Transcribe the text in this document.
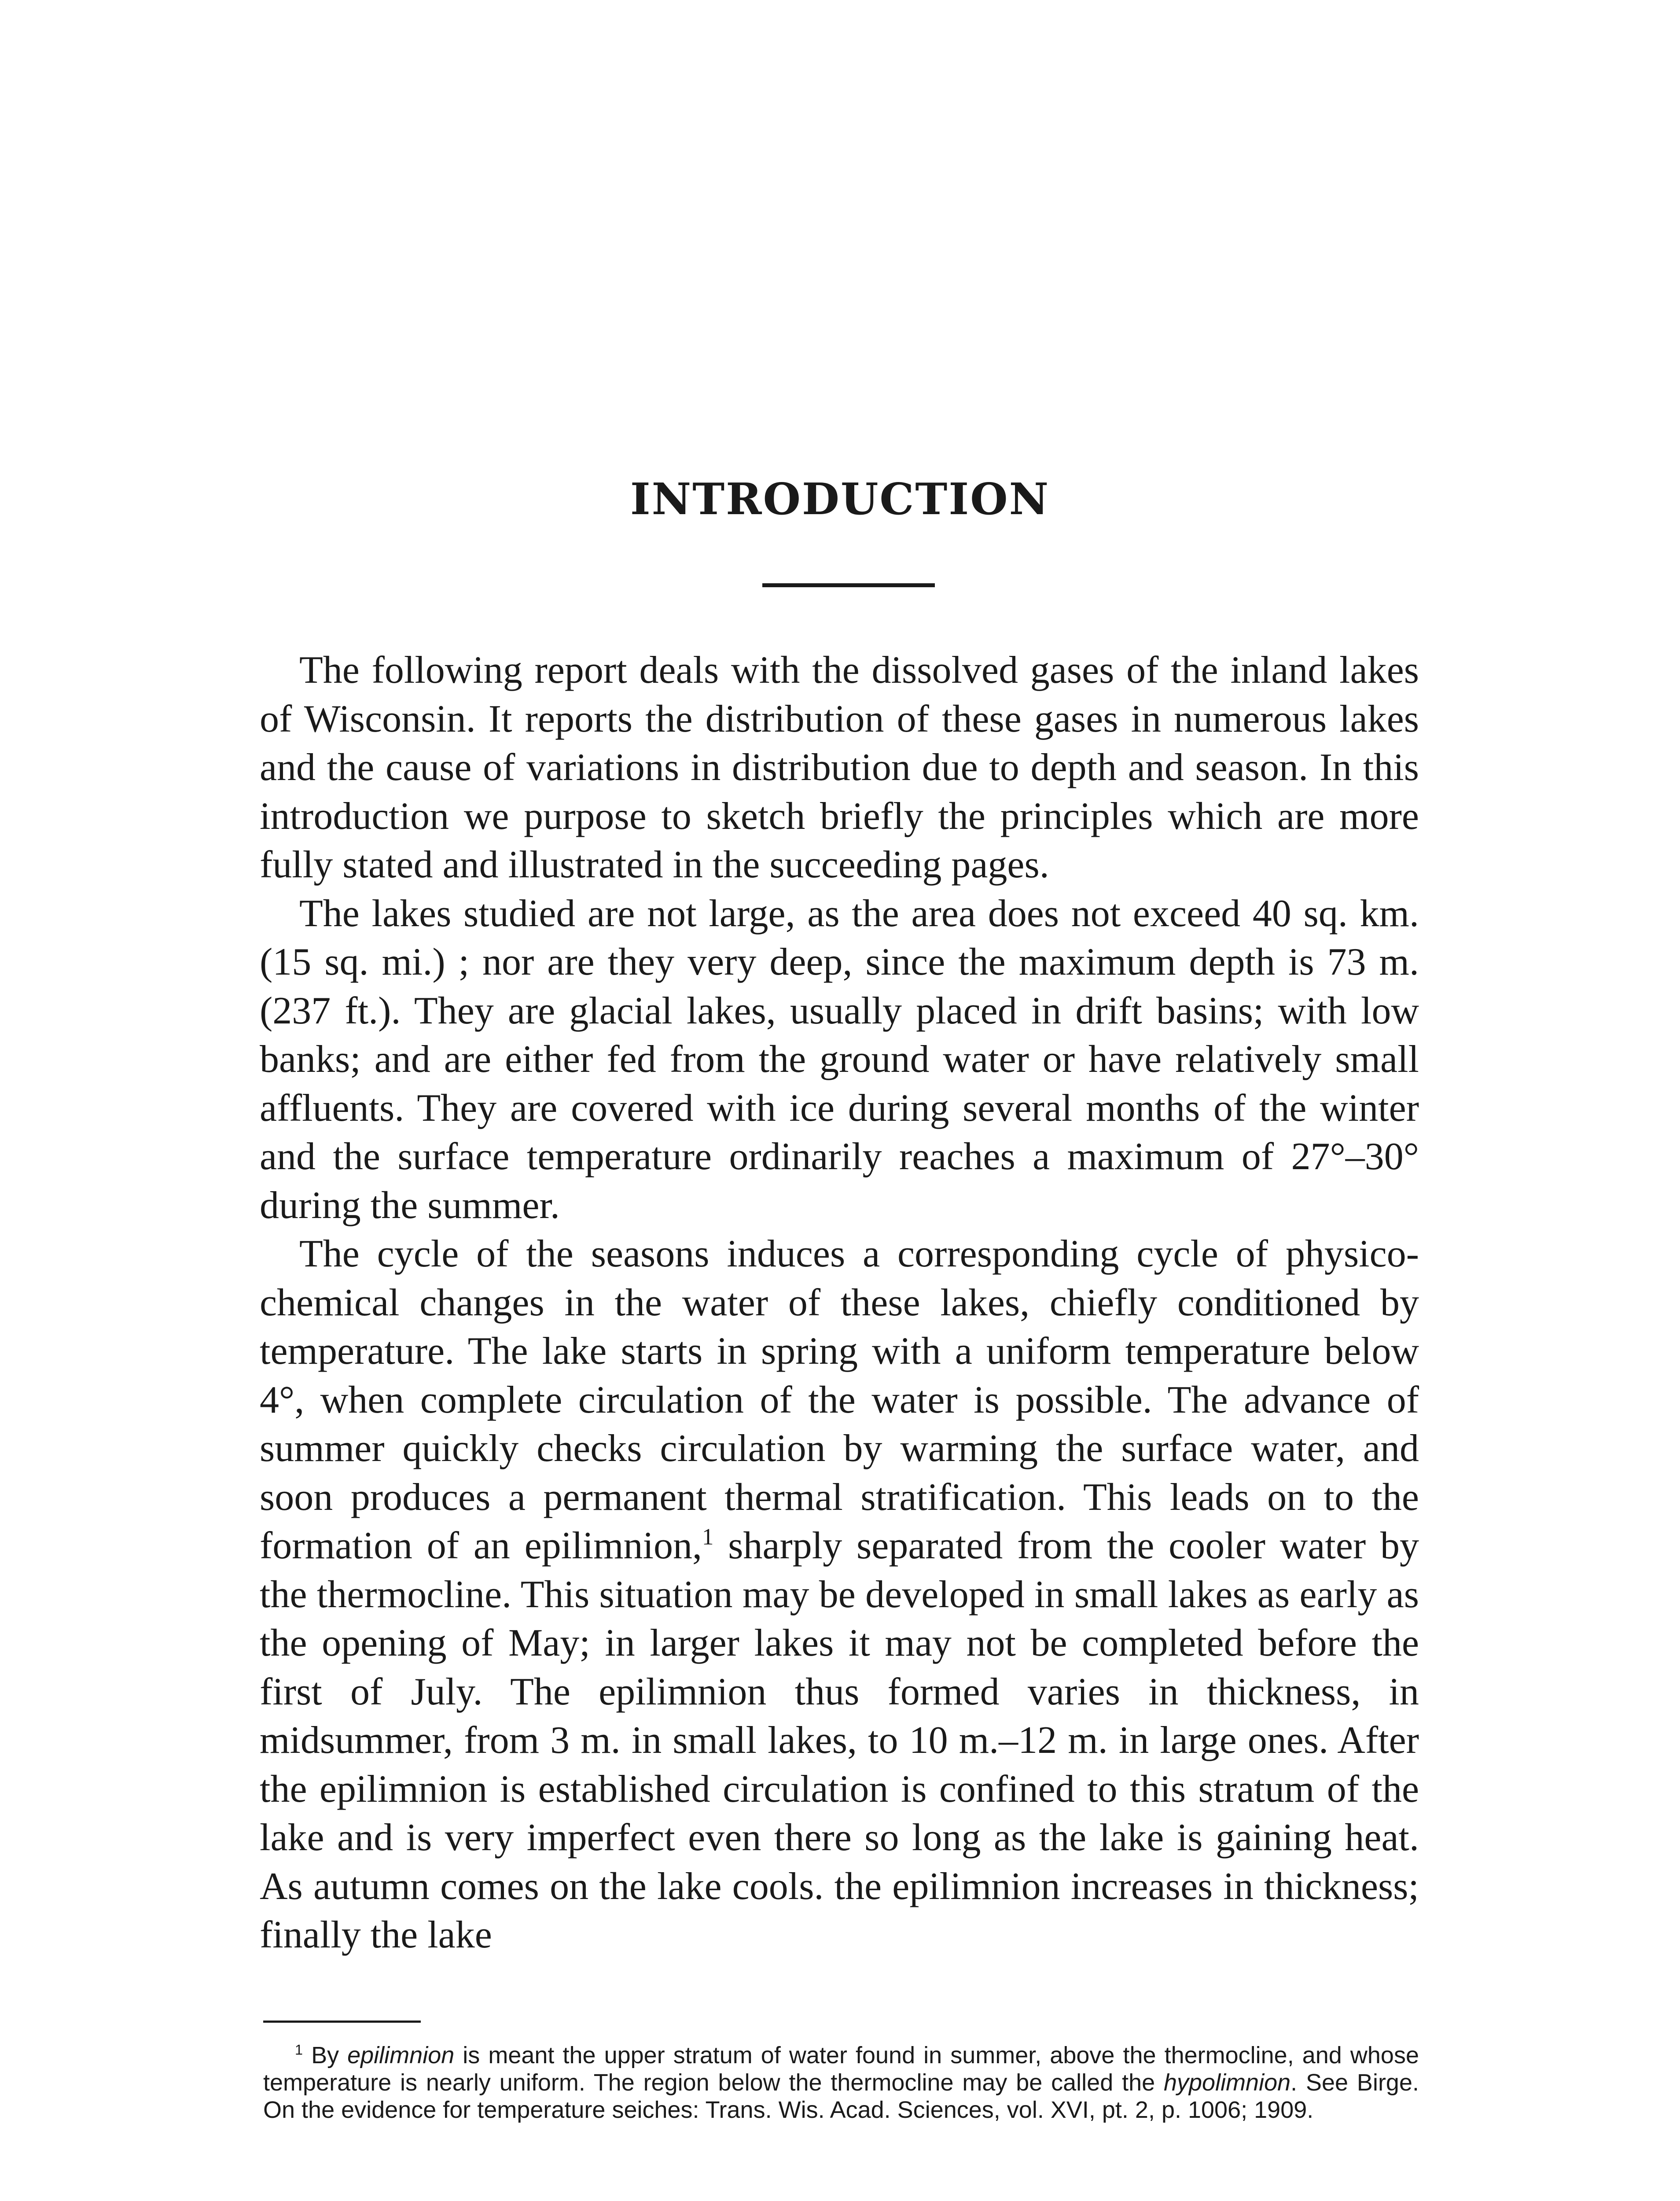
INTRODUCTION

The following report deals with the dissolved gases of the inland lakes of Wisconsin. It reports the distribution of these gases in numerous lakes and the cause of variations in distribution due to depth and season. In this introduction we purpose to sketch briefly the principles which are more fully stated and illustrated in the succeeding pages.

The lakes studied are not large, as the area does not exceed 40 sq. km. (15 sq. mi.) ; nor are they very deep, since the maximum depth is 73 m. (237 ft.). They are glacial lakes, usually placed in drift basins; with low banks; and are either fed from the ground water or have relatively small affluents. They are covered with ice during several months of the winter and the surface temperature ordinarily reaches a maximum of 27°–30° during the summer.

The cycle of the seasons induces a corresponding cycle of physico-chemical changes in the water of these lakes, chiefly conditioned by temperature. The lake starts in spring with a uniform temperature below 4°, when complete circulation of the water is possible. The advance of summer quickly checks circulation by warming the surface water, and soon produces a permanent thermal stratification. This leads on to the formation of an epilimnion,$^1$ sharply separated from the cooler water by the thermocline. This situation may be developed in small lakes as early as the opening of May; in larger lakes it may not be completed before the first of July. The epilimnion thus formed varies in thickness, in midsummer, from 3 m. in small lakes, to 10 m.–12 m. in large ones. After the epilimnion is established circulation is confined to this stratum of the lake and is very imperfect even there so long as the lake is gaining heat. As autumn comes on the lake cools. the epilimnion increases in thickness; finally the lake

$^1$ By epilimnion is meant the upper stratum of water found in summer, above the thermocline, and whose temperature is nearly uniform. The region below the thermocline may be called the hypolimnion. See Birge. On the evidence for temperature seiches: Trans. Wis. Acad. Sciences, vol. XVI, pt. 2, p. 1006; 1909.
